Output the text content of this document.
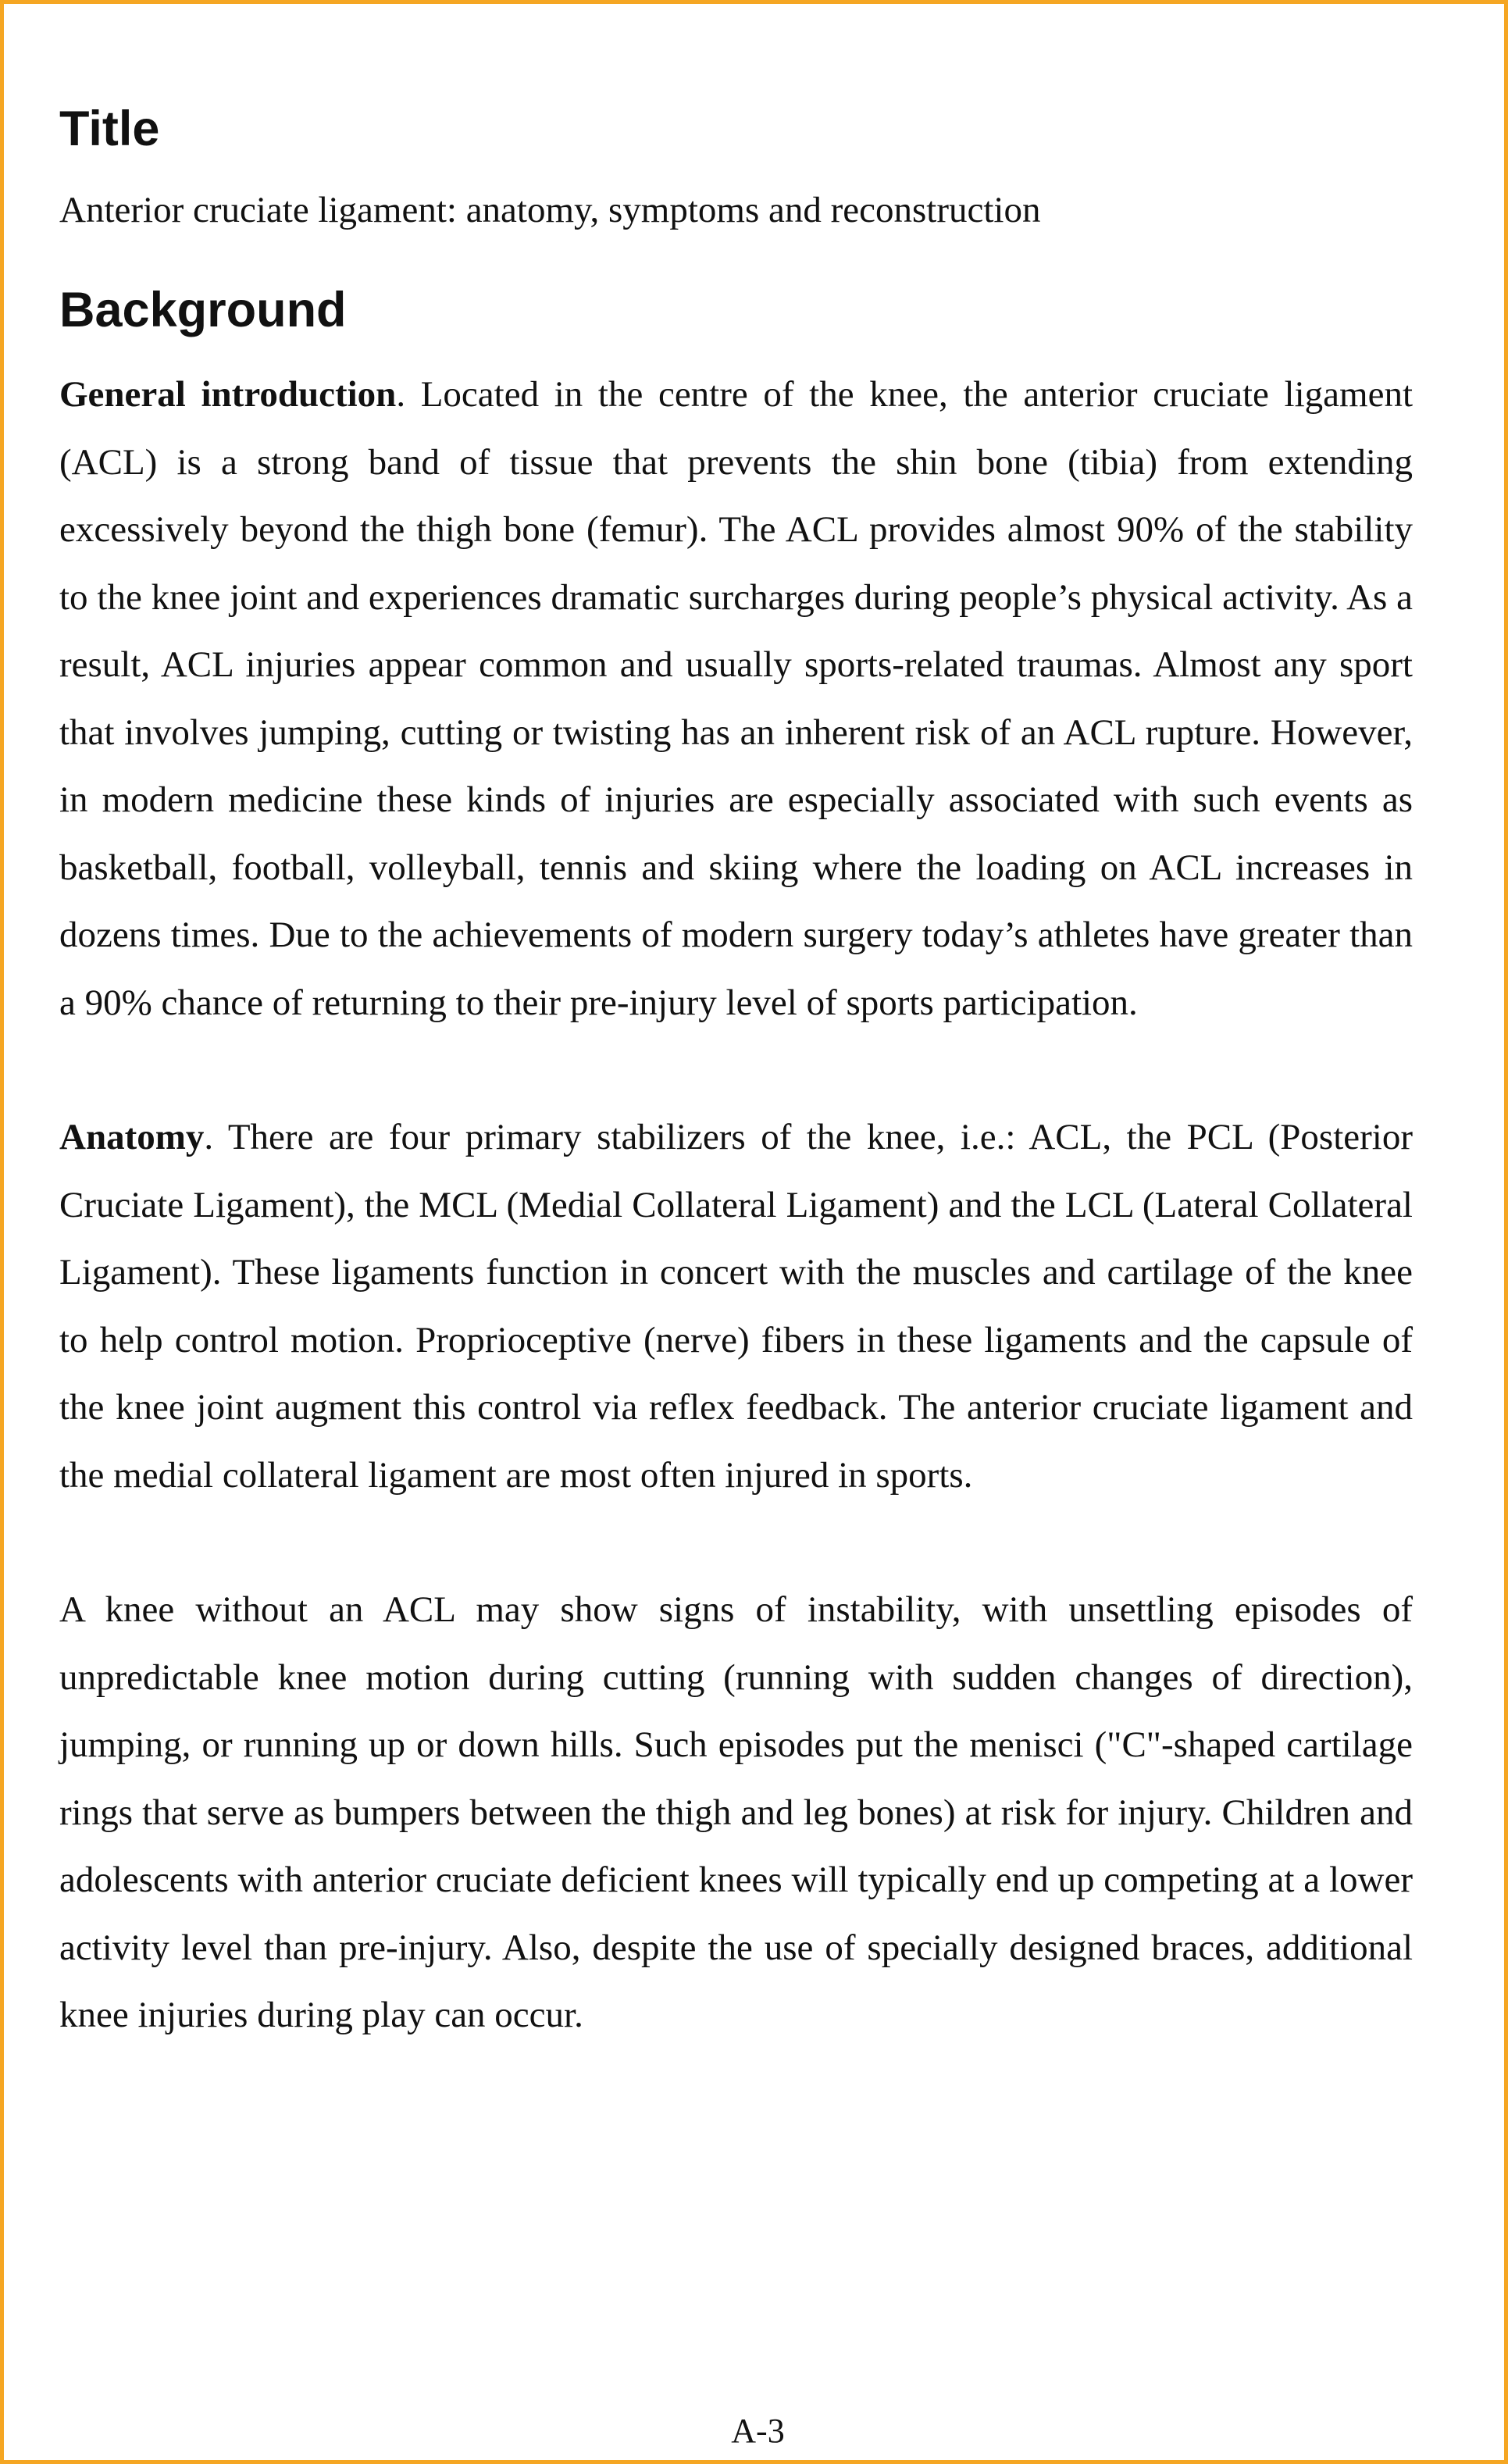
Title

Anterior cruciate ligament: anatomy, symptoms and reconstruction

Background

General introduction. Located in the centre of the knee, the anterior cruciate ligament (ACL) is a strong band of tissue that prevents the shin bone (tibia) from extending excessively beyond the thigh bone (femur). The ACL provides almost 90% of the stability to the knee joint and experiences dramatic surcharges during people’s physical activity. As a result, ACL injuries appear common and usually sports-related traumas. Almost any sport that involves jumping, cutting or twisting has an inherent risk of an ACL rupture. However, in modern medicine these kinds of injuries are especially associated with such events as basketball, football, volleyball, tennis and skiing where the loading on ACL increases in dozens times. Due to the achievements of modern surgery today’s athletes have greater than a 90% chance of returning to their pre-injury level of sports participation.

Anatomy. There are four primary stabilizers of the knee, i.e.: ACL, the PCL (Posterior Cruciate Ligament), the MCL (Medial Collateral Ligament) and the LCL (Lateral Collateral Ligament). These ligaments function in concert with the muscles and cartilage of the knee to help control motion. Proprioceptive (nerve) fibers in these ligaments and the capsule of the knee joint augment this control via reflex feedback. The anterior cruciate ligament and the medial collateral ligament are most often injured in sports.

A knee without an ACL may show signs of instability, with unsettling episodes of unpredictable knee motion during cutting (running with sudden changes of direction), jumping, or running up or down hills. Such episodes put the menisci ("C"-shaped cartilage rings that serve as bumpers between the thigh and leg bones) at risk for injury. Children and adolescents with anterior cruciate deficient knees will typically end up competing at a lower activity level than pre-injury. Also, despite the use of specially designed braces, additional knee injuries during play can occur.

A-3
